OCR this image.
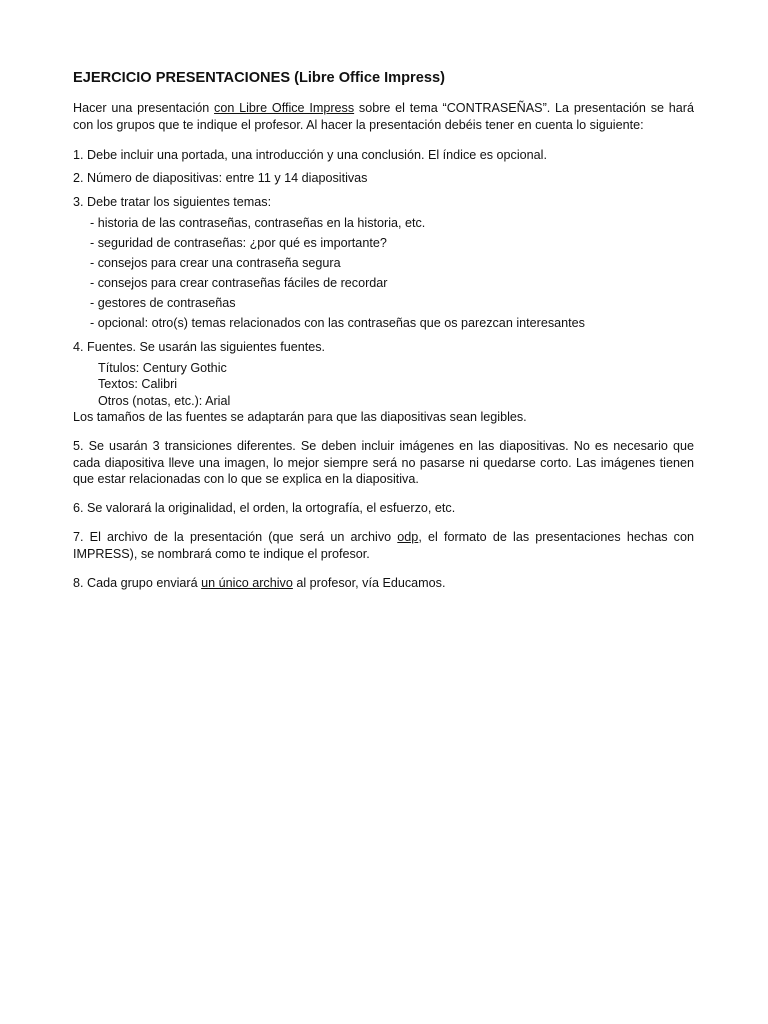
EJERCICIO PRESENTACIONES (Libre Office Impress)

Hacer una presentación con Libre Office Impress sobre el tema “CONTRASEÑAS”. La presentación se hará con los grupos que te indique el profesor. Al hacer la presentación debéis tener en cuenta lo siguiente:

1. Debe incluir una portada, una introducción y una conclusión. El índice es opcional.

2. Número de diapositivas: entre 11 y 14 diapositivas

3. Debe tratar los siguientes temas:

- historia de las contraseñas, contraseñas en la historia, etc.
- seguridad de contraseñas: ¿por qué es importante?
- consejos para crear una contraseña segura
- consejos para crear contraseñas fáciles de recordar
- gestores de contraseñas
- opcional: otro(s) temas relacionados con las contraseñas que os parezcan interesantes

4. Fuentes. Se usarán las siguientes fuentes.

Títulos: Century Gothic
Textos: Calibri
Otros (notas, etc.): Arial

Los tamaños de las fuentes se adaptarán para que las diapositivas sean legibles.

5. Se usarán 3 transiciones diferentes. Se deben incluir imágenes en las diapositivas. No es necesario que cada diapositiva lleve una imagen, lo mejor siempre será no pasarse ni quedarse corto. Las imágenes tienen que estar relacionadas con lo que se explica en la diapositiva.

6. Se valorará la originalidad, el orden, la ortografía, el esfuerzo, etc.

7. El archivo de la presentación (que será un archivo odp, el formato de las presentaciones hechas con IMPRESS), se nombrará como te indique el profesor.

8. Cada grupo enviará un único archivo al profesor, vía Educamos.
